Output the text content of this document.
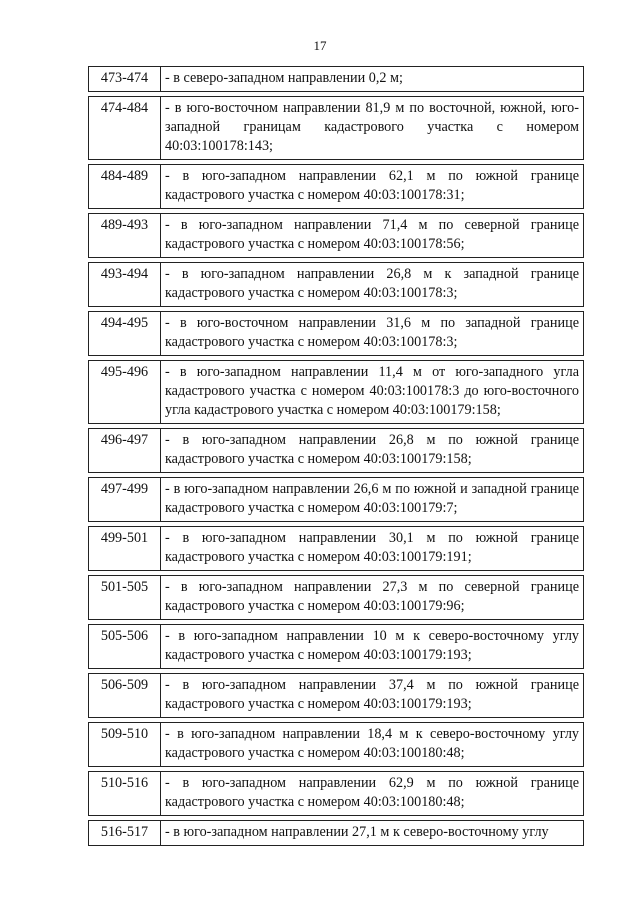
17
473-474	- в северо-западном направлении 0,2 м;

474-484	- в юго-восточном направлении 81,9 м по восточной, южной, юго-западной границам кадастрового участка с номером 40:03:100178:143;

484-489	- в юго-западном направлении 62,1 м по южной границе кадастрового участка с номером 40:03:100178:31;

489-493	- в юго-западном направлении 71,4 м по северной границе кадастрового участка с номером 40:03:100178:56;

493-494	- в юго-западном направлении 26,8 м к западной границе кадастрового участка с номером 40:03:100178:3;

494-495	- в юго-восточном направлении 31,6 м по западной границе кадастрового участка с номером 40:03:100178:3;

495-496	- в юго-западном направлении 11,4 м от юго-западного угла кадастрового участка с номером 40:03:100178:3 до юго-восточного угла кадастрового участка с номером 40:03:100179:158;

496-497	- в юго-западном направлении 26,8 м по южной границе кадастрового участка с номером 40:03:100179:158;

497-499	- в юго-западном направлении 26,6 м по южной и западной границе кадастрового участка с номером 40:03:100179:7;

499-501	- в юго-западном направлении 30,1 м по южной границе кадастрового участка с номером 40:03:100179:191;

501-505	- в юго-западном направлении 27,3 м по северной границе кадастрового участка с номером 40:03:100179:96;

505-506	- в юго-западном направлении 10 м к северо-восточному углу кадастрового участка с номером 40:03:100179:193;

506-509	- в юго-западном направлении 37,4 м по южной границе кадастрового участка с номером 40:03:100179:193;

509-510	- в юго-западном направлении 18,4 м к северо-восточному углу кадастрового участка с номером 40:03:100180:48;

510-516	- в юго-западном направлении 62,9 м по южной границе кадастрового участка с номером 40:03:100180:48;

516-517	- в юго-западном направлении 27,1 м к северо-восточному углу
